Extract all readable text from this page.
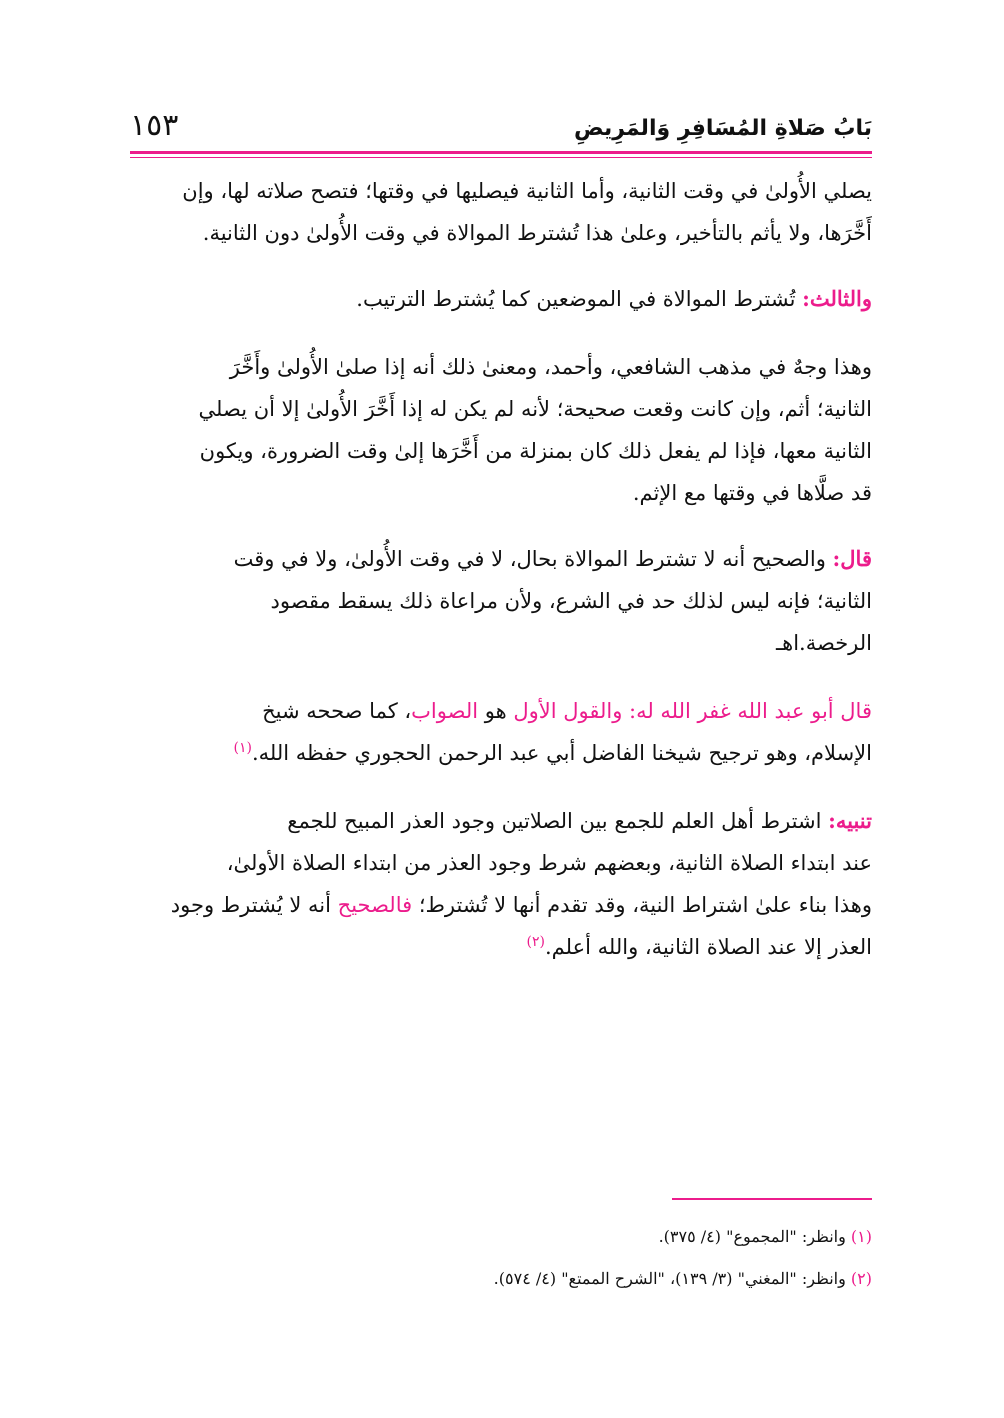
١٥٣	بَابُ صَلاةِ المُسَافِرِ وَالمَرِيضِ
يصلي الأُولىٰ في وقت الثانية، وأما الثانية فيصليها في وقتها؛ فتصح صلاته لها، وإن
أَخَّرَها، ولا يأثم بالتأخير، وعلىٰ هذا تُشترط الموالاة في وقت الأُولىٰ دون الثانية.
والثالث: تُشترط الموالاة في الموضعين كما يُشترط الترتيب.
وهذا وجهٌ في مذهب الشافعي، وأحمد، ومعنىٰ ذلك أنه إذا صلىٰ الأُولىٰ وأَخَّرَ
الثانية؛ أثم، وإن كانت وقعت صحيحة؛ لأنه لم يكن له إذا أَخَّرَ الأُولىٰ إلا أن يصلي
الثانية معها، فإذا لم يفعل ذلك كان بمنزلة من أَخَّرَها إلىٰ وقت الضرورة، ويكون
قد صلَّاها في وقتها مع الإثم.
قال: والصحيح أنه لا تشترط الموالاة بحال، لا في وقت الأُولىٰ، ولا في وقت
الثانية؛ فإنه ليس لذلك حد في الشرع، ولأن مراعاة ذلك يسقط مقصود
الرخصة.اهـ
قال أبو عبد الله غفر الله له: والقول الأول هو الصواب، كما صححه شيخ
الإسلام، وهو ترجيح شيخنا الفاضل أبي عبد الرحمن الحجوري حفظه الله.$^{(١)}$
تنبيه: اشترط أهل العلم للجمع بين الصلاتين وجود العذر المبيح للجمع
عند ابتداء الصلاة الثانية، وبعضهم شرط وجود العذر من ابتداء الصلاة الأولىٰ،
وهذا بناء علىٰ اشتراط النية، وقد تقدم أنها لا تُشترط؛ فالصحيح أنه لا يُشترط وجود
العذر إلا عند الصلاة الثانية، والله أعلم.$^{(٢)}$
(١) وانظر: "المجموع" (٤/ ٣٧٥).
(٢) وانظر: "المغني" (٣/ ١٣٩)، "الشرح الممتع" (٤/ ٥٧٤).
